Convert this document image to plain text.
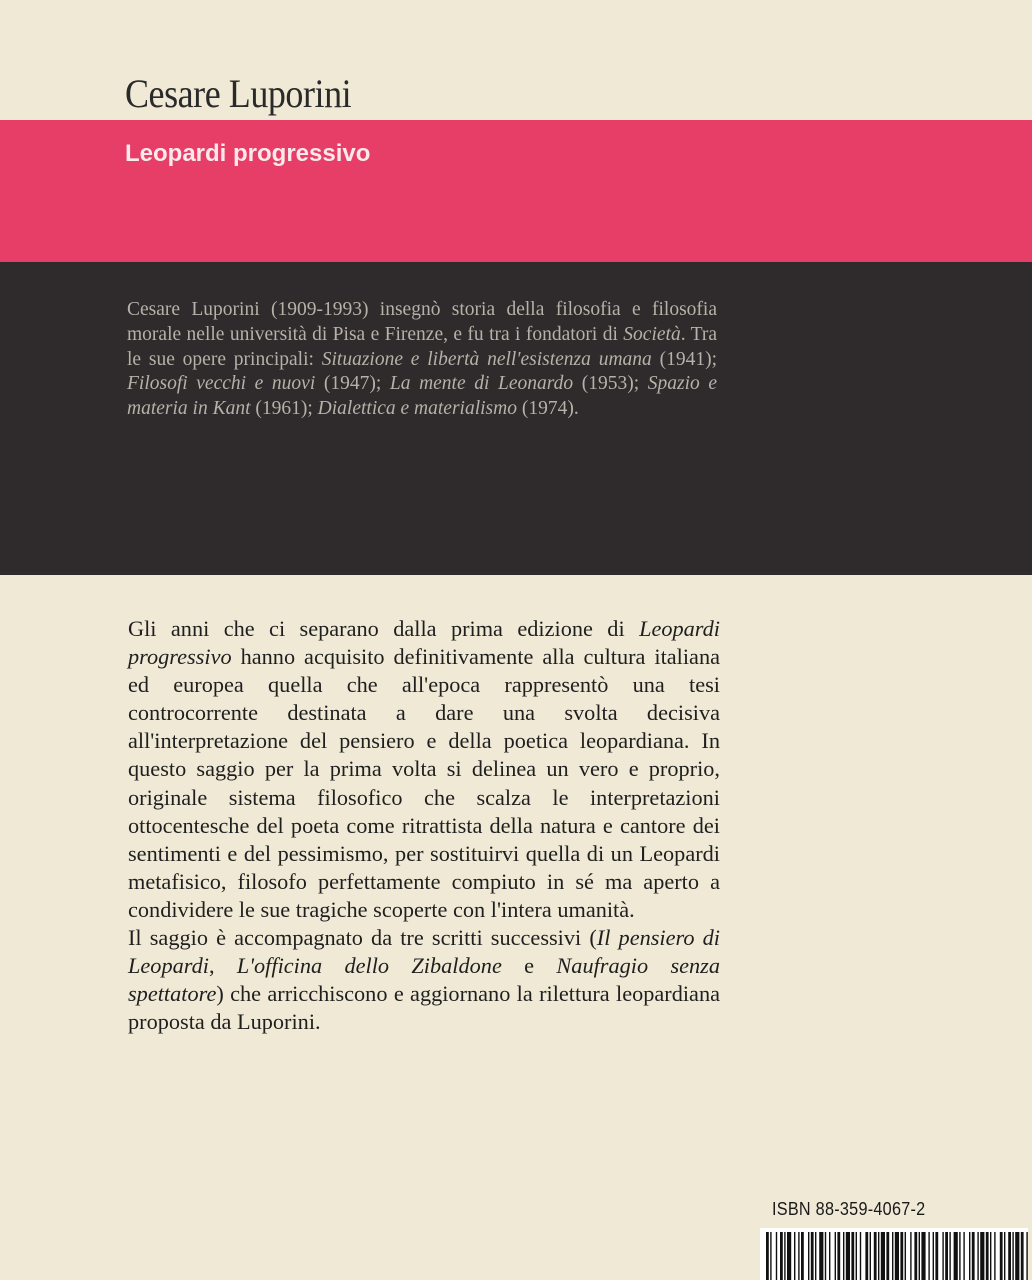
Cesare Luporini
Leopardi progressivo
Cesare Luporini (1909-1993) insegnò storia della filosofia e filosofia morale nelle università di Pisa e Firenze, e fu tra i fondatori di Società. Tra le sue opere principali: Situazione e libertà nell'esistenza umana (1941); Filosofi vecchi e nuovi (1947); La mente di Leonardo (1953); Spazio e materia in Kant (1961); Dialettica e materialismo (1974).

Gli anni che ci separano dalla prima edizione di Leopardi progressivo hanno acquisito definitivamente alla cultura italiana ed europea quella che all'epoca rappresentò una tesi controcorrente destinata a dare una svolta decisiva all'interpretazione del pensiero e della poetica leopardiana. In questo saggio per la prima volta si delinea un vero e proprio, originale sistema filosofico che scalza le interpretazioni ottocentesche del poeta come ritrattista della natura e cantore dei sentimenti e del pessimismo, per sostituirvi quella di un Leopardi metafisico, filosofo perfettamente compiuto in sé ma aperto a condividere le sue tragiche scoperte con l'intera umanità.

Il saggio è accompagnato da tre scritti successivi (Il pensiero di Leopardi, L'officina dello Zibaldone e Naufragio senza spettatore) che arricchiscono e aggiornano la rilettura leopardiana proposta da Luporini.

ISBN 88-359-4067-2
